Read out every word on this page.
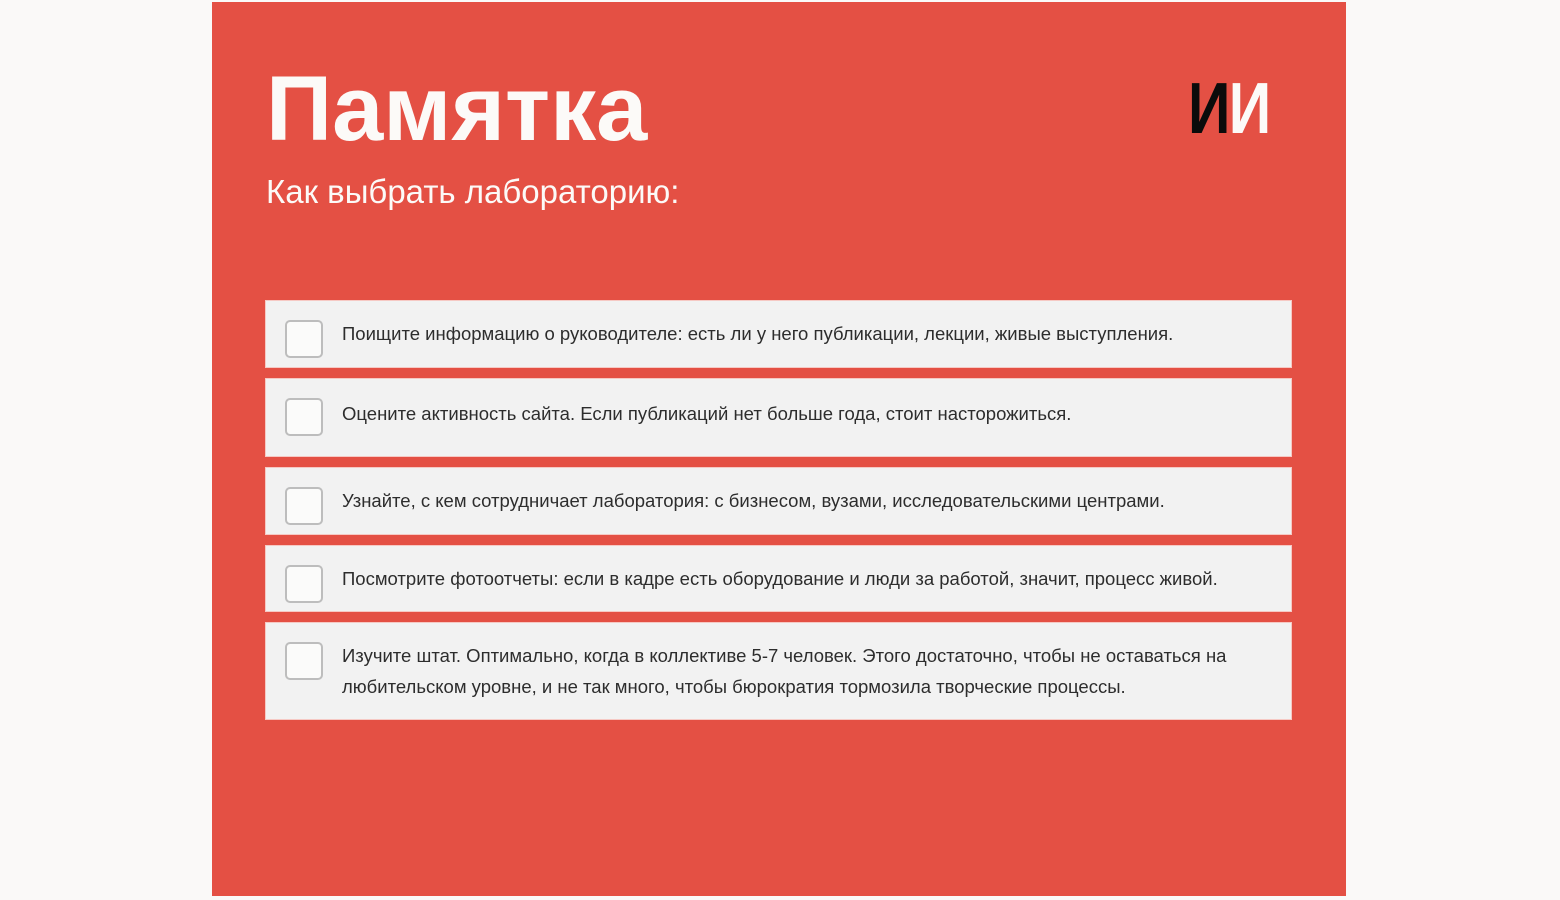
Памятка	ИИ
Как выбрать лабораторию:
Поищите информацию о руководителе: есть ли у него публикации, лекции, живые выступления.
Оцените активность сайта. Если публикаций нет больше года, стоит насторожиться.
Узнайте, с кем сотрудничает лаборатория: с бизнесом, вузами, исследовательскими центрами.
Посмотрите фотоотчеты: если в кадре есть оборудование и люди за работой, значит, процесс живой.
Изучите штат. Оптимально, когда в коллективе 5-7 человек. Этого достаточно, чтобы не оставаться на любительском уровне, и не так много, чтобы бюрократия тормозила творческие процессы.
